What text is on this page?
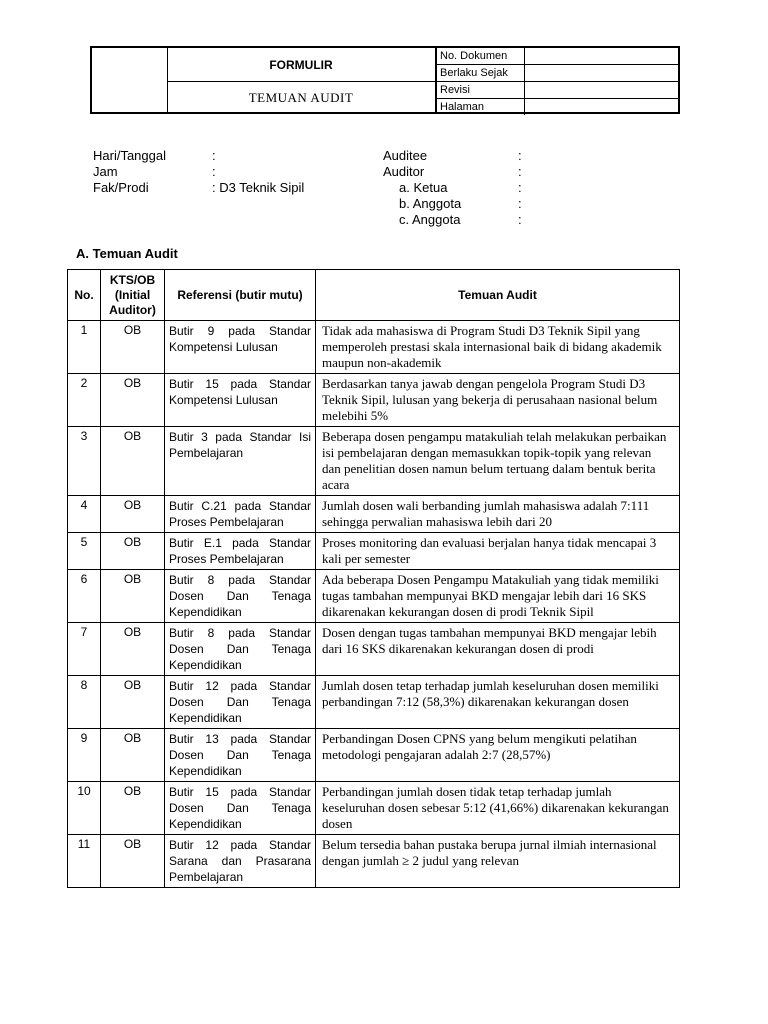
FORMULIR
TEMUAN AUDIT
No. Dokumen
Berlaku Sejak
Revisi
Halaman
Hari/Tanggal	:
Jam	:
Fak/Prodi	: D3 Teknik Sipil
Auditee	:
Auditor	:
a. Ketua	:
b. Anggota	:
c. Anggota	:
A. Temuan Audit
No.	KTS/OB (Initial Auditor)	Referensi (butir mutu)	Temuan Audit
1	OB	Butir 9 pada Standar Kompetensi Lulusan	Tidak ada mahasiswa di Program Studi D3 Teknik Sipil yang memperoleh prestasi skala internasional baik di bidang akademik maupun non-akademik
2	OB	Butir 15 pada Standar Kompetensi Lulusan	Berdasarkan tanya jawab dengan pengelola Program Studi D3 Teknik Sipil, lulusan yang bekerja di perusahaan nasional belum melebihi 5%
3	OB	Butir 3 pada Standar Isi Pembelajaran	Beberapa dosen pengampu matakuliah telah melakukan perbaikan isi pembelajaran dengan memasukkan topik-topik yang relevan dan penelitian dosen namun belum tertuang dalam bentuk berita acara
4	OB	Butir C.21 pada Standar Proses Pembelajaran	Jumlah dosen wali berbanding jumlah mahasiswa adalah 7:111 sehingga perwalian mahasiswa lebih dari 20
5	OB	Butir E.1 pada Standar Proses Pembelajaran	Proses monitoring dan evaluasi berjalan hanya tidak mencapai 3 kali per semester
6	OB	Butir 8 pada Standar Dosen Dan Tenaga Kependidikan	Ada beberapa Dosen Pengampu Matakuliah yang tidak memiliki tugas tambahan mempunyai BKD mengajar lebih dari 16 SKS dikarenakan kekurangan dosen di prodi Teknik Sipil
7	OB	Butir 8 pada Standar Dosen Dan Tenaga Kependidikan	Dosen dengan tugas tambahan mempunyai BKD mengajar lebih dari 16 SKS dikarenakan kekurangan dosen di prodi
8	OB	Butir 12 pada Standar Dosen Dan Tenaga Kependidikan	Jumlah dosen tetap terhadap jumlah keseluruhan dosen memiliki perbandingan 7:12 (58,3%) dikarenakan kekurangan dosen
9	OB	Butir 13 pada Standar Dosen Dan Tenaga Kependidikan	Perbandingan Dosen CPNS yang belum mengikuti pelatihan metodologi pengajaran adalah 2:7 (28,57%)
10	OB	Butir 15 pada Standar Dosen Dan Tenaga Kependidikan	Perbandingan jumlah dosen tidak tetap terhadap jumlah keseluruhan dosen sebesar 5:12 (41,66%) dikarenakan kekurangan dosen
11	OB	Butir 12 pada Standar Sarana dan Prasarana Pembelajaran	Belum tersedia bahan pustaka berupa jurnal ilmiah internasional dengan jumlah ≥ 2 judul yang relevan
